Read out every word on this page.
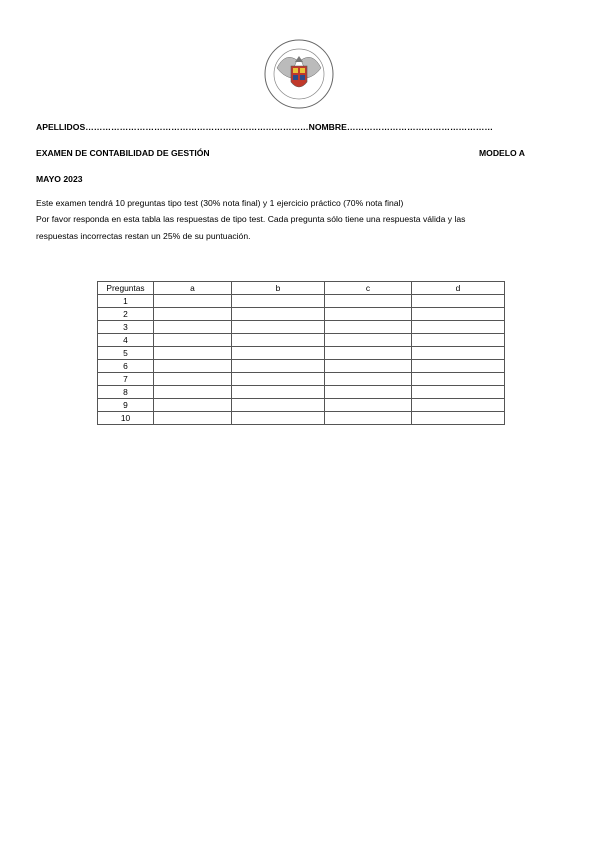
APELLIDOS……………………………………………………………………NOMBRE……………………………………………
EXAMEN DE CONTABILIDAD DE GESTIÓN	MODELO A
MAYO 2023
Este examen tendrá 10 preguntas tipo test (30% nota final) y 1 ejercicio práctico (70% nota final)
Por favor responda en esta tabla las respuestas de tipo test. Cada pregunta sólo tiene una respuesta válida y las
respuestas incorrectas restan un 25% de su puntuación.
Preguntas	a	b	c	d
1				
2				
3				
4				
5				
6				
7				
8				
9				
10				
